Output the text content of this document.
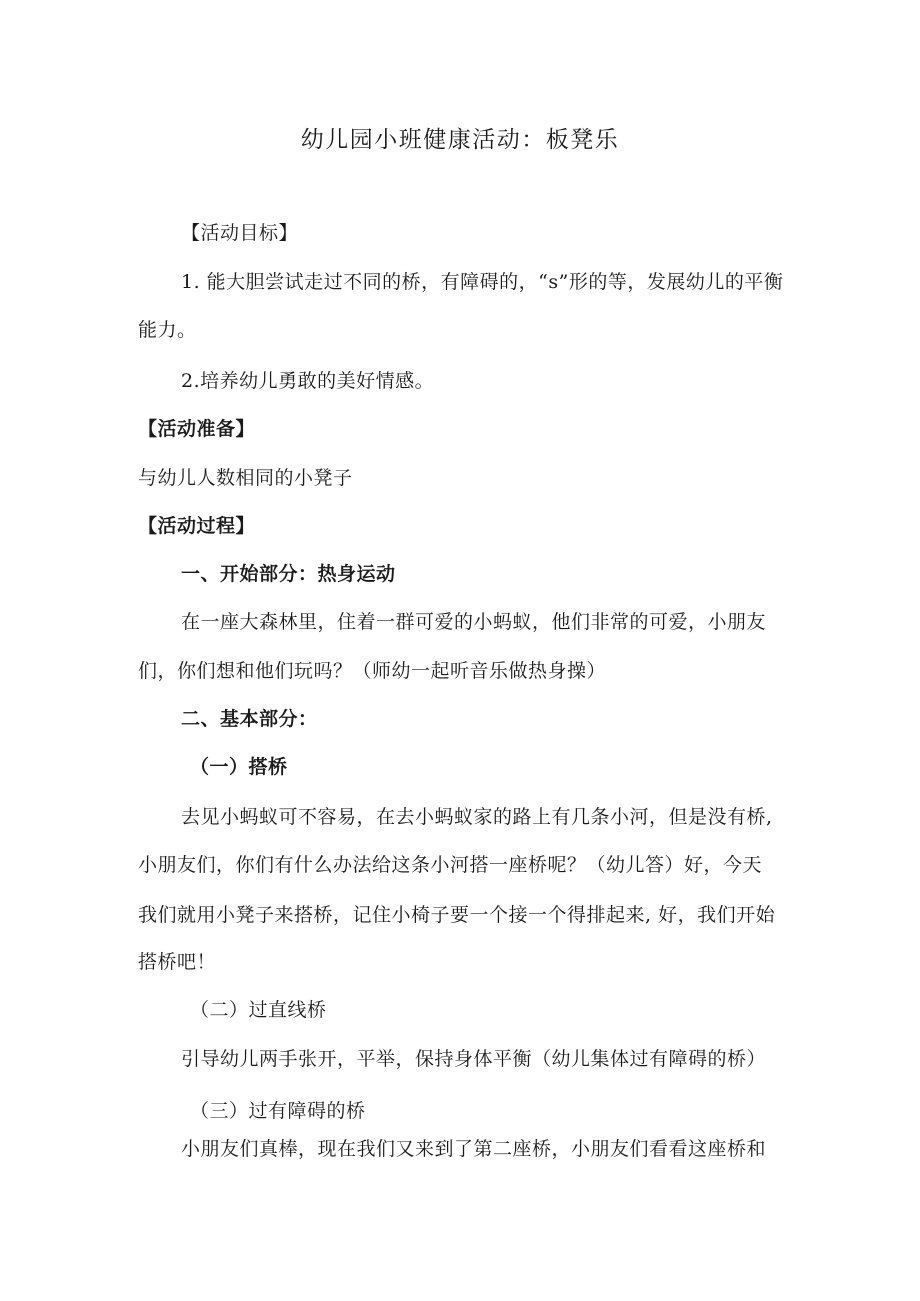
幼儿园小班健康活动：板凳乐
【活动目标】
1. 能大胆尝试走过不同的桥，有障碍的，“s”形的等，发展幼儿的平衡
能力。
2.培养幼儿勇敢的美好情感。
【活动准备】
与幼儿人数相同的小凳子
【活动过程】
一、开始部分：热身运动
在一座大森林里，住着一群可爱的小蚂蚁，他们非常的可爱，小朋友
们，你们想和他们玩吗？（师幼一起听音乐做热身操）
二、基本部分：
（一）搭桥
去见小蚂蚁可不容易，在去小蚂蚁家的路上有几条小河，但是没有桥,
小朋友们，你们有什么办法给这条小河搭一座桥呢？（幼儿答）好，今天
我们就用小凳子来搭桥，记住小椅子要一个接一个得排起来, 好，我们开始
搭桥吧！
（二）过直线桥
引导幼儿两手张开，平举，保持身体平衡（幼儿集体过有障碍的桥）
（三）过有障碍的桥
小朋友们真棒，现在我们又来到了第二座桥，小朋友们看看这座桥和
